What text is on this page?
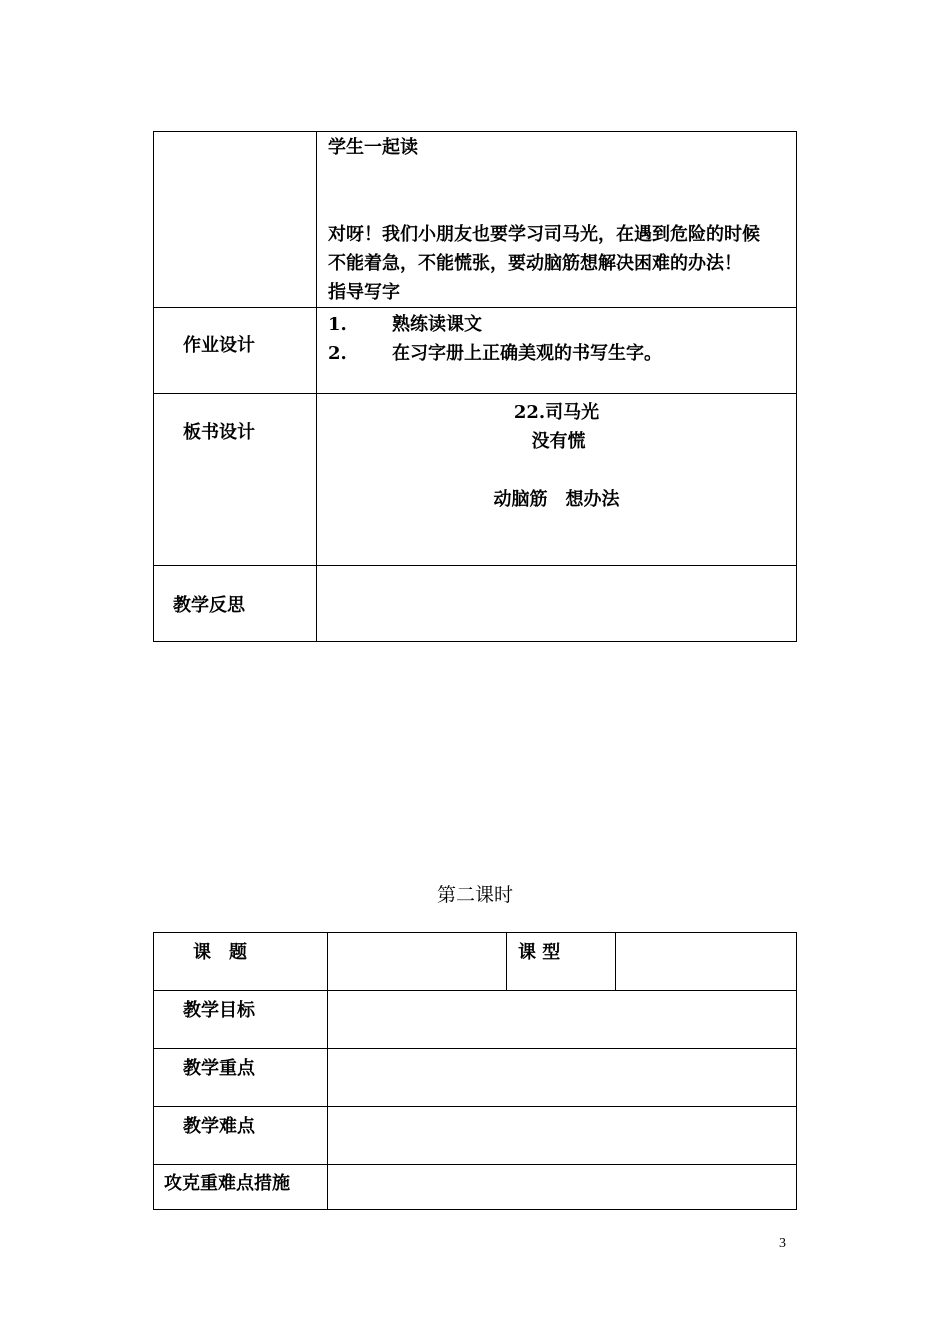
	学生一起读

对呀！我们小朋友也要学习司马光，在遇到危险的时候
不能着急，不能慌张，要动脑筋想解决困难的办法！
指导写字

作业设计	1. 熟练读课文
2. 在习字册上正确美观的书写生字。

板书设计	22.司马光
没有慌

动脑筋　想办法

教学反思	
第二课时
课　题		课 型	
教学目标			
教学重点			
教学难点			
攻克重难点措施			
3
